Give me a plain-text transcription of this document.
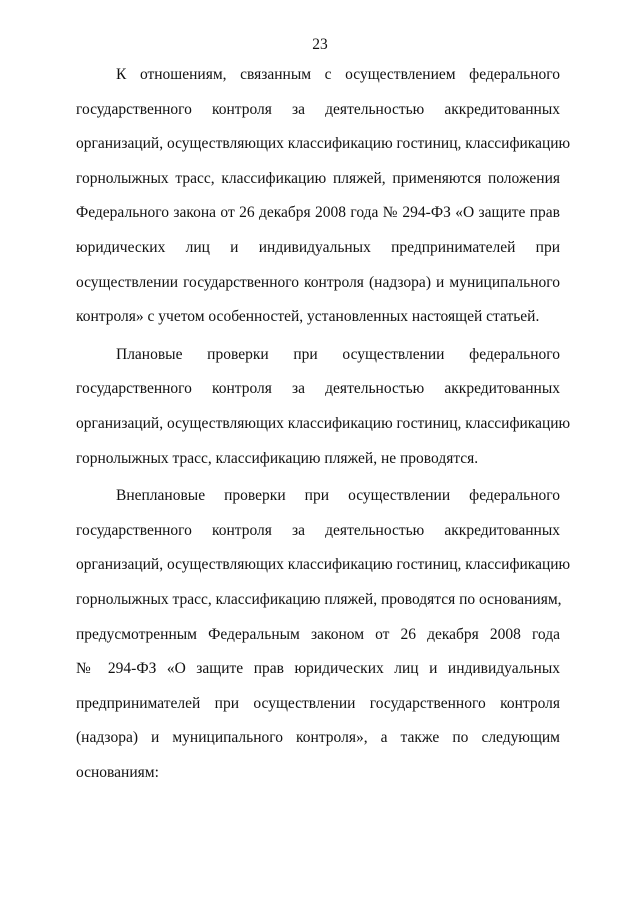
23
К отношениям, связанным с осуществлением федерального
государственного контроля за деятельностью аккредитованных
организаций, осуществляющих классификацию гостиниц, классификацию
горнолыжных трасс, классификацию пляжей, применяются положения
Федерального закона от 26 декабря 2008 года № 294-ФЗ «О защите прав
юридических лиц и индивидуальных предпринимателей при
осуществлении государственного контроля (надзора) и муниципального
контроля» с учетом особенностей, установленных настоящей статьей.
Плановые проверки при осуществлении федерального
государственного контроля за деятельностью аккредитованных
организаций, осуществляющих классификацию гостиниц, классификацию
горнолыжных трасс, классификацию пляжей, не проводятся.
Внеплановые проверки при осуществлении федерального
государственного контроля за деятельностью аккредитованных
организаций, осуществляющих классификацию гостиниц, классификацию
горнолыжных трасс, классификацию пляжей, проводятся по основаниям,
предусмотренным Федеральным законом от 26 декабря 2008 года
№ 294-ФЗ «О защите прав юридических лиц и индивидуальных
предпринимателей при осуществлении государственного контроля
(надзора) и муниципального контроля», а также по следующим
основаниям:
